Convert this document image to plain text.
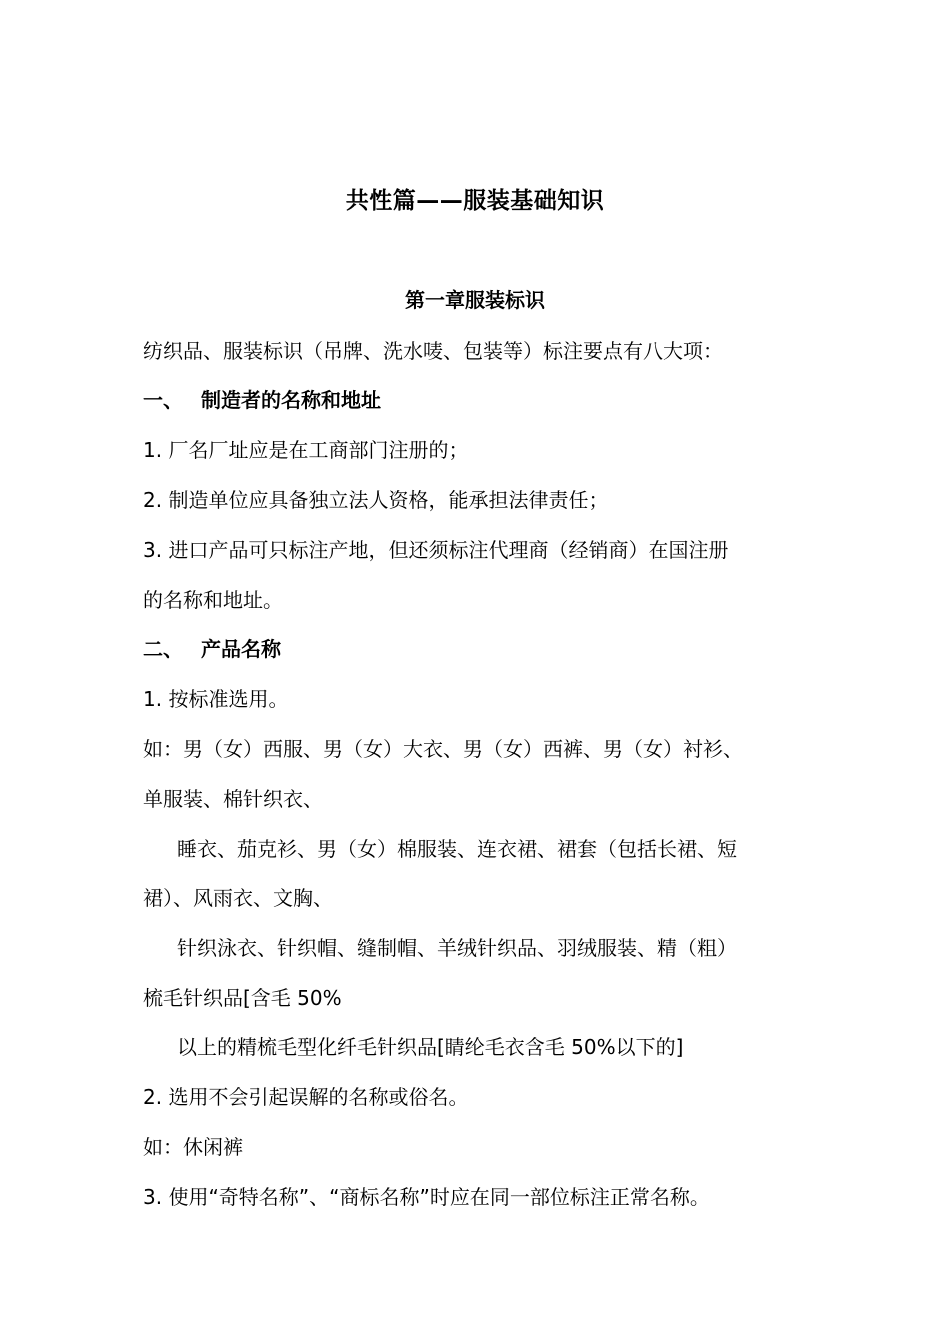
共性篇——服装基础知识
第一章服装标识
纺织品、服装标识（吊牌、洗水唛、包装等）标注要点有八大项：
一、 制造者的名称和地址
1. 厂名厂址应是在工商部门注册的；
2. 制造单位应具备独立法人资格，能承担法律责任；
3. 进口产品可只标注产地，但还须标注代理商（经销商）在国注册
的名称和地址。
二、 产品名称
1. 按标准选用。
如：男（女）西服、男（女）大衣、男（女）西裤、男（女）衬衫、
单服装、棉针织衣、
睡衣、茄克衫、男（女）棉服装、连衣裙、裙套（包括长裙、短
裙）、风雨衣、文胸、
针织泳衣、针织帽、缝制帽、羊绒针织品、羽绒服装、精（粗）
梳毛针织品[含毛 50%
以上的精梳毛型化纤毛针织品[睛纶毛衣含毛 50%以下的]
2. 选用不会引起误解的名称或俗名。
如：休闲裤
3. 使用“奇特名称”、“商标名称”时应在同一部位标注正常名称。
